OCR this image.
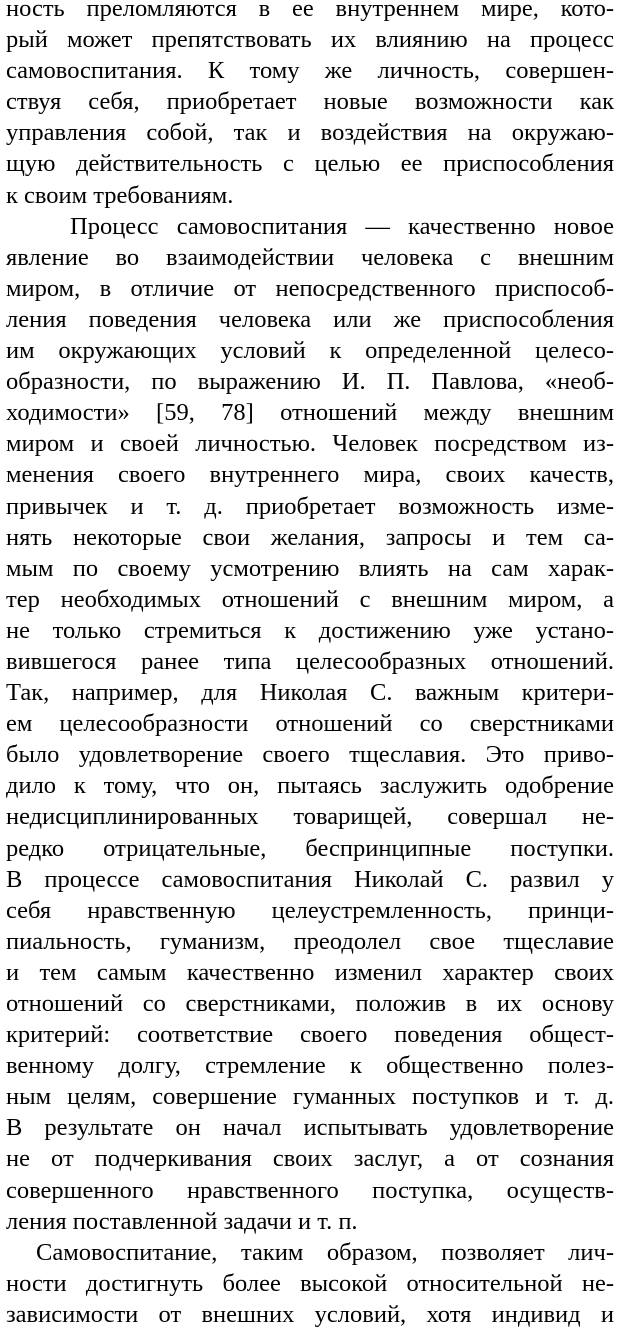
ность преломляются в ее внутреннем мире, кото-
рый может препятствовать их влиянию на процесс
самовоспитания. К тому же личность, совершен-
ствуя себя, приобретает новые возможности как
управления собой, так и воздействия на окружаю-
щую действительность с целью ее приспособления
к своим требованиям.
Процесс самовоспитания — качественно новое
явление во взаимодействии человека с внешним
миром, в отличие от непосредственного приспособ-
ления поведения человека или же приспособления
им окружающих условий к определенной целесо-
образности, по выражению И. П. Павлова, «необ-
ходимости» [59, 78] отношений между внешним
миром и своей личностью. Человек посредством из-
менения своего внутреннего мира, своих качеств,
привычек и т. д. приобретает возможность изме-
нять некоторые свои желания, запросы и тем са-
мым по своему усмотрению влиять на сам харак-
тер необходимых отношений с внешним миром, а
не только стремиться к достижению уже устано-
вившегося ранее типа целесообразных отношений.
Так, например, для Николая С. важным критери-
ем целесообразности отношений со сверстниками
было удовлетворение своего тщеславия. Это приво-
дило к тому, что он, пытаясь заслужить одобрение
недисциплинированных товарищей, совершал не-
редко отрицательные, беспринципные поступки.
В процессе самовоспитания Николай С. развил у
себя нравственную целеустремленность, принци-
пиальность, гуманизм, преодолел свое тщеславие
и тем самым качественно изменил характер своих
отношений со сверстниками, положив в их основу
критерий: соответствие своего поведения общест-
венному долгу, стремление к общественно полез-
ным целям, совершение гуманных поступков и т. д.
В результате он начал испытывать удовлетворение
не от подчеркивания своих заслуг, а от сознания
совершенного нравственного поступка, осуществ-
ления поставленной задачи и т. п.
Самовоспитание, таким образом, позволяет лич-
ности достигнуть более высокой относительной не-
зависимости от внешних условий, хотя индивид и
